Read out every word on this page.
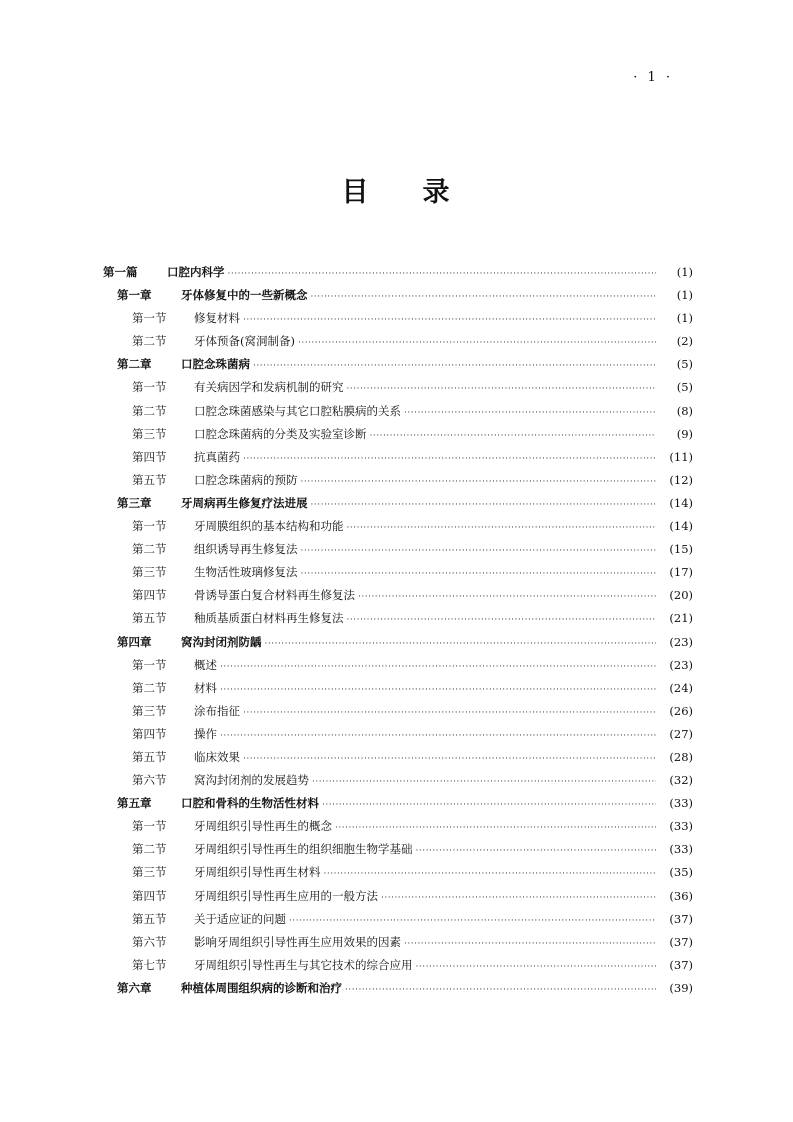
· 1 ·
目 录
第一篇	口腔内科学 ·····	(1)
第一章	牙体修复中的一些新概念 ·····	(1)
第一节	修复材料 ·····	(1)
第二节	牙体预备(窝洞制备) ·····	(2)
第二章	口腔念珠菌病 ·····	(5)
第一节	有关病因学和发病机制的研究 ·····	(5)
第二节	口腔念珠菌感染与其它口腔粘膜病的关系 ·····	(8)
第三节	口腔念珠菌病的分类及实验室诊断 ·····	(9)
第四节	抗真菌药 ·····	(11)
第五节	口腔念珠菌病的预防 ·····	(12)
第三章	牙周病再生修复疗法进展 ·····	(14)
第一节	牙周膜组织的基本结构和功能 ·····	(14)
第二节	组织诱导再生修复法 ·····	(15)
第三节	生物活性玻璃修复法 ·····	(17)
第四节	骨诱导蛋白复合材料再生修复法 ·····	(20)
第五节	釉质基质蛋白材料再生修复法 ·····	(21)
第四章	窝沟封闭剂防龋 ·····	(23)
第一节	概述 ·····	(23)
第二节	材料 ·····	(24)
第三节	涂布指征 ·····	(26)
第四节	操作 ·····	(27)
第五节	临床效果 ·····	(28)
第六节	窝沟封闭剂的发展趋势 ·····	(32)
第五章	口腔和骨科的生物活性材料 ·····	(33)
第一节	牙周组织引导性再生的概念 ·····	(33)
第二节	牙周组织引导性再生的组织细胞生物学基础 ·····	(33)
第三节	牙周组织引导性再生材料 ·····	(35)
第四节	牙周组织引导性再生应用的一般方法 ·····	(36)
第五节	关于适应证的问题 ·····	(37)
第六节	影响牙周组织引导性再生应用效果的因素 ·····	(37)
第七节	牙周组织引导性再生与其它技术的综合应用 ·····	(37)
第六章	种植体周围组织病的诊断和治疗 ·····	(39)
